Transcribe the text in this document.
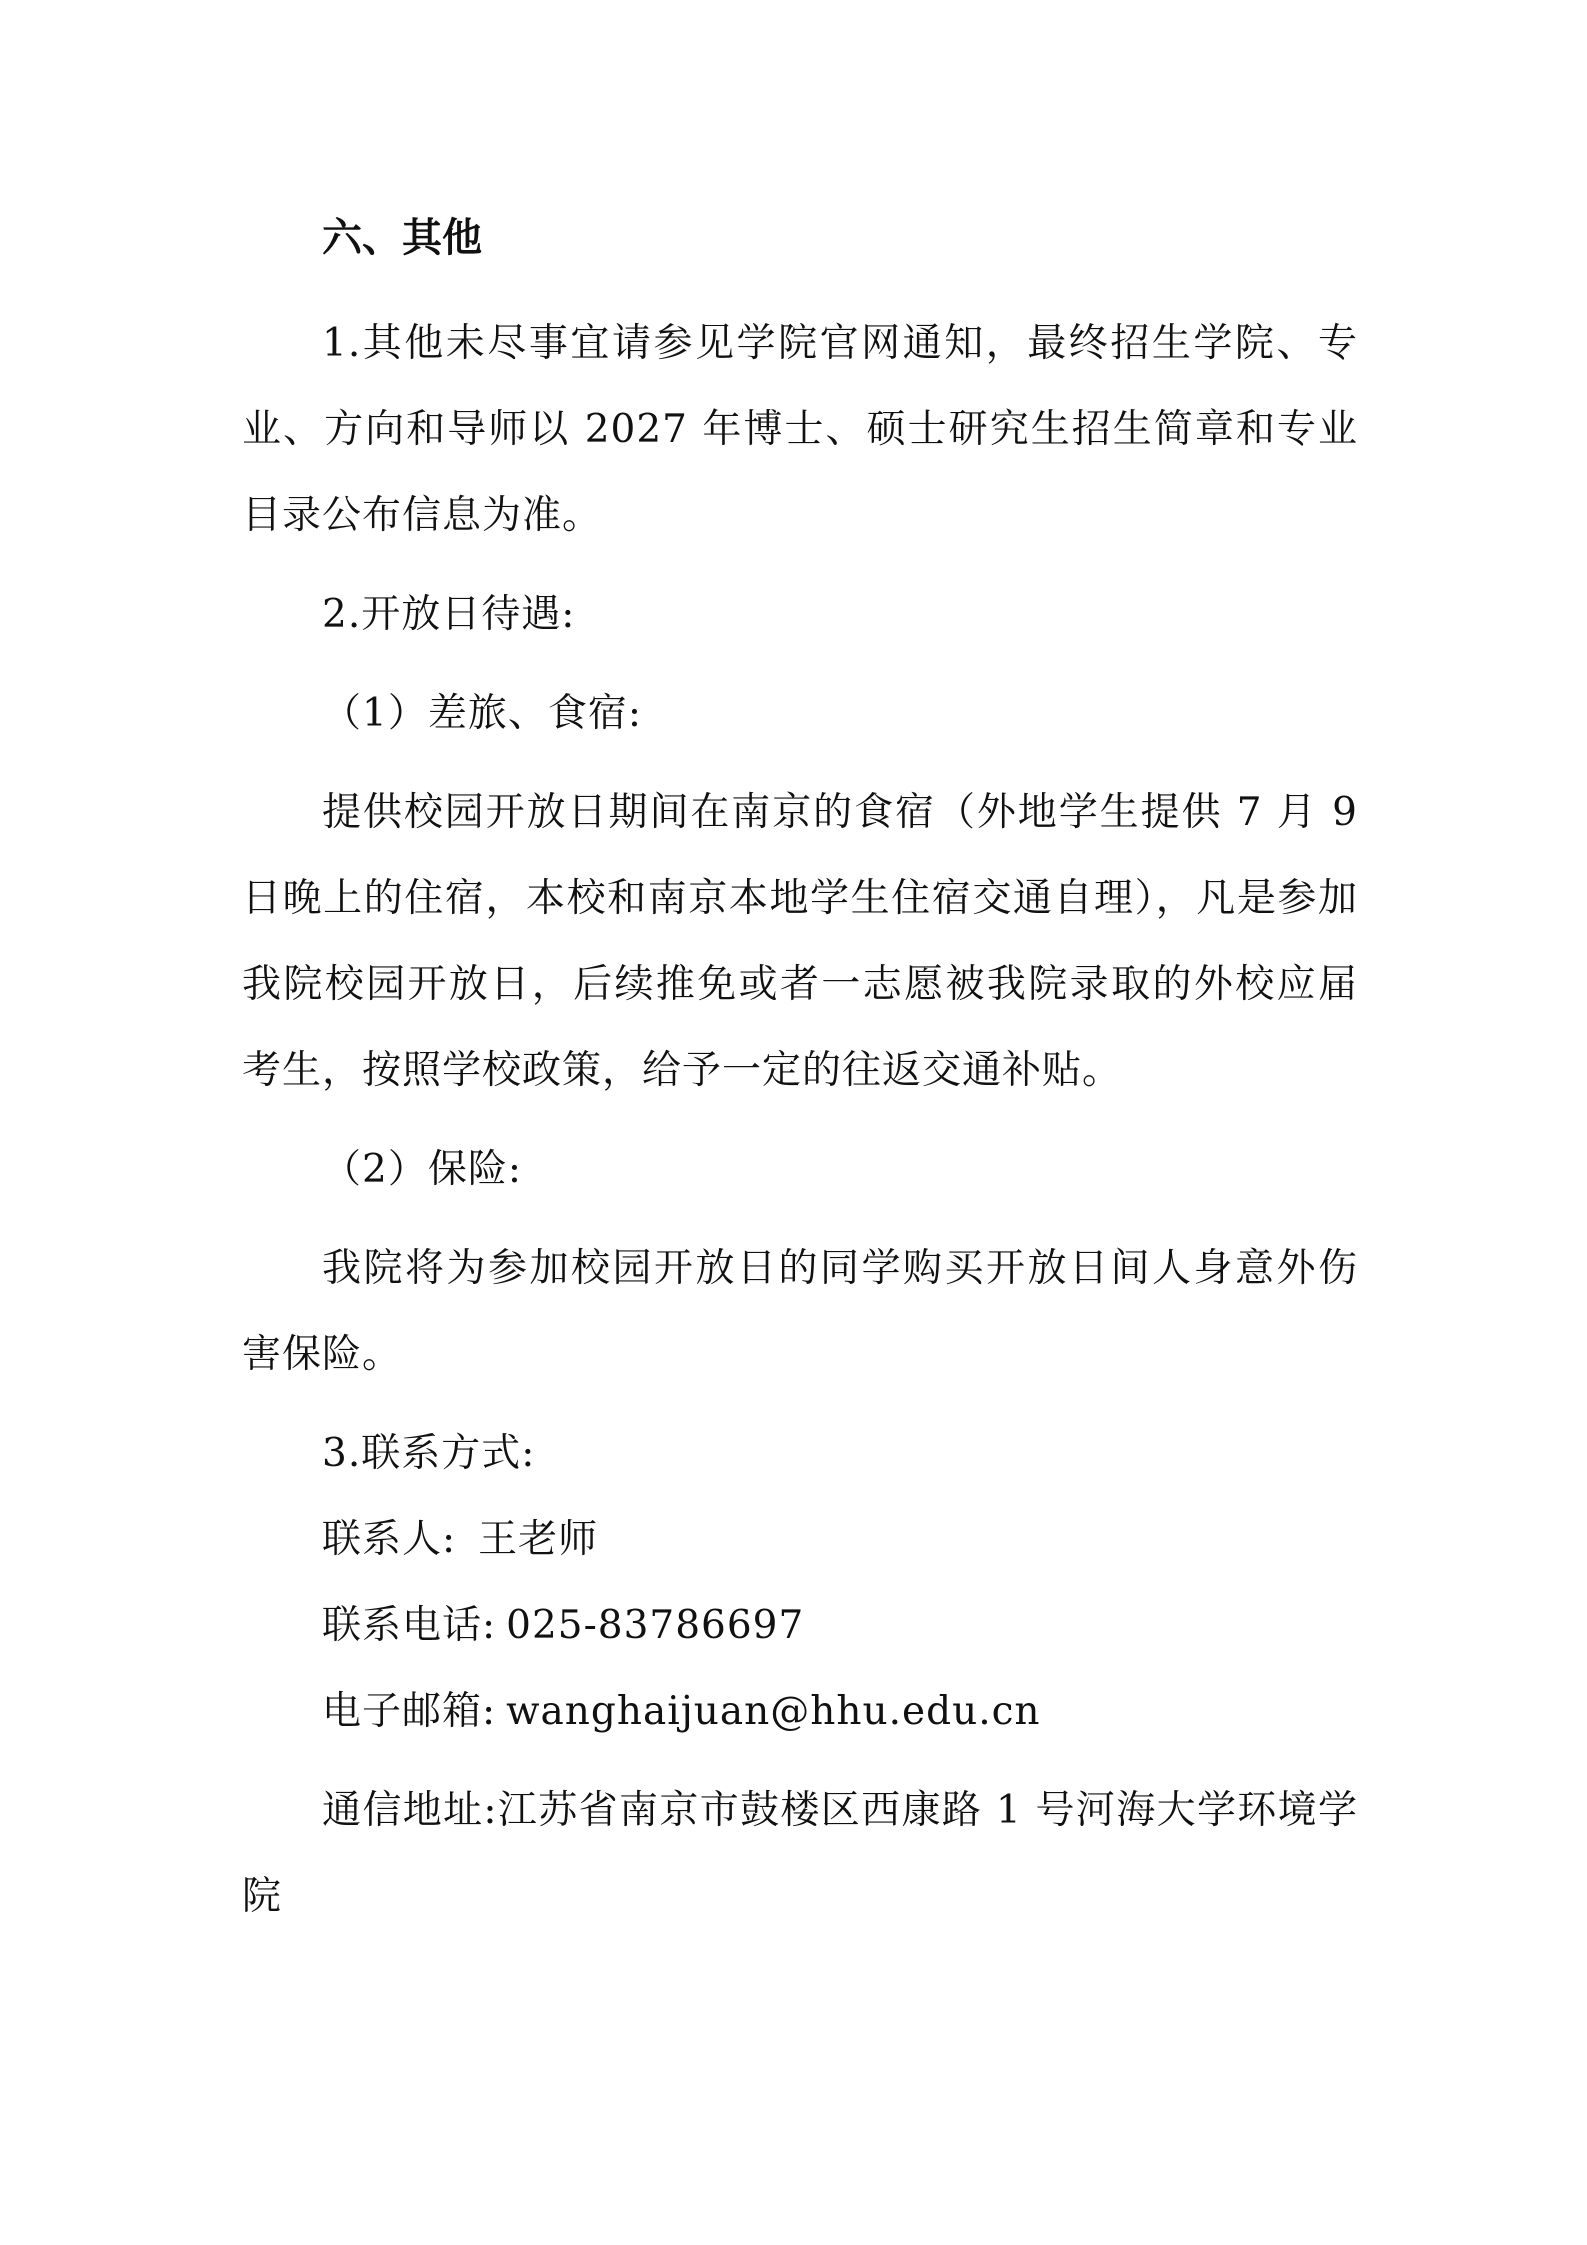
六、其他

1.其他未尽事宜请参见学院官网通知，最终招生学院、专业、方向和导师以 2027 年博士、硕士研究生招生简章和专业目录公布信息为准。

2.开放日待遇:

（1）差旅、食宿:

提供校园开放日期间在南京的食宿（外地学生提供 7 月 9 日晚上的住宿，本校和南京本地学生住宿交通自理），凡是参加我院校园开放日，后续推免或者一志愿被我院录取的外校应届考生，按照学校政策，给予一定的往返交通补贴。

（2）保险:

我院将为参加校园开放日的同学购买开放日间人身意外伤害保险。

3.联系方式:

联系人: 王老师

联系电话: 025-83786697

电子邮箱: wanghaijuan@hhu.edu.cn

通信地址:江苏省南京市鼓楼区西康路 1 号河海大学环境学院
